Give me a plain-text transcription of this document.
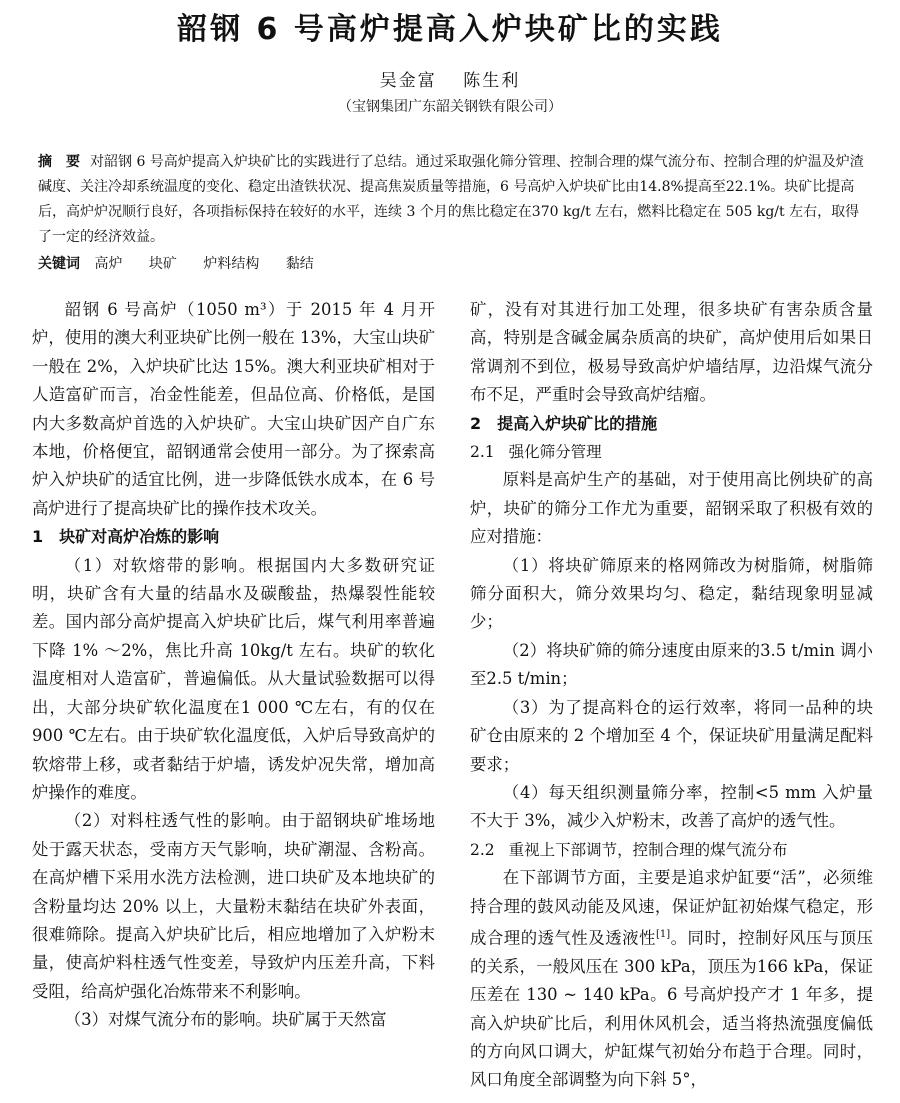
韶钢 6 号高炉提高入炉块矿比的实践
吴金富　 陈生利
（宝钢集团广东韶关钢铁有限公司）

摘　要 对韶钢 6 号高炉提高入炉块矿比的实践进行了总结。通过采取强化筛分管理、控制合理的煤气流分布、控制合理的炉温及炉渣碱度、关注冷却系统温度的变化、稳定出渣铁状况、提高焦炭质量等措施，6 号高炉入炉块矿比由14.8%提高至22.1%。块矿比提高后，高炉炉况顺行良好，各项指标保持在较好的水平，连续 3 个月的焦比稳定在370 kg/t 左右，燃料比稳定在 505 kg/t 左右，取得了一定的经济效益。

关键词 高炉 块矿 炉料结构 黏结

韶钢 6 号高炉（1050 m³）于 2015 年 4 月开炉，使用的澳大利亚块矿比例一般在 13%，大宝山块矿一般在 2%，入炉块矿比达 15%。澳大利亚块矿相对于人造富矿而言，冶金性能差，但品位高、价格低，是国内大多数高炉首选的入炉块矿。大宝山块矿因产自广东本地，价格便宜，韶钢通常会使用一部分。为了探索高炉入炉块矿的适宜比例，进一步降低铁水成本，在 6 号高炉进行了提高块矿比的操作技术攻关。

1　块矿对高炉冶炼的影响

（1）对软熔带的影响。根据国内大多数研究证明，块矿含有大量的结晶水及碳酸盐，热爆裂性能较差。国内部分高炉提高入炉块矿比后，煤气利用率普遍下降 1% ～2%，焦比升高 10kg/t 左右。块矿的软化温度相对人造富矿，普遍偏低。从大量试验数据可以得出，大部分块矿软化温度在1 000 ℃左右，有的仅在 900 ℃左右。由于块矿软化温度低，入炉后导致高炉的软熔带上移，或者黏结于炉墙，诱发炉况失常，增加高炉操作的难度。

（2）对料柱透气性的影响。由于韶钢块矿堆场地处于露天状态，受南方天气影响，块矿潮湿、含粉高。在高炉槽下采用水洗方法检测，进口块矿及本地块矿的含粉量均达 20% 以上，大量粉末黏结在块矿外表面，很难筛除。提高入炉块矿比后，相应地增加了入炉粉末量，使高炉料柱透气性变差，导致炉内压差升高，下料受阻，给高炉强化冶炼带来不利影响。

（3）对煤气流分布的影响。块矿属于天然富

矿，没有对其进行加工处理，很多块矿有害杂质含量高，特别是含碱金属杂质高的块矿，高炉使用后如果日常调剂不到位，极易导致高炉炉墙结厚，边沿煤气流分布不足，严重时会导致高炉结瘤。

2　提高入炉块矿比的措施
2.1 强化筛分管理

原料是高炉生产的基础，对于使用高比例块矿的高炉，块矿的筛分工作尤为重要，韶钢采取了积极有效的应对措施：

（1）将块矿筛原来的格网筛改为树脂筛，树脂筛筛分面积大，筛分效果均匀、稳定，黏结现象明显减少；

（2）将块矿筛的筛分速度由原来的3.5 t/min 调小至2.5 t/min；

（3）为了提高料仓的运行效率，将同一品种的块矿仓由原来的 2 个增加至 4 个，保证块矿用量满足配料要求；

（4）每天组织测量筛分率，控制<5 mm 入炉量不大于 3%，减少入炉粉末，改善了高炉的透气性。

2.2 重视上下部调节，控制合理的煤气流分布

在下部调节方面，主要是追求炉缸要“活”，必须维持合理的鼓风动能及风速，保证炉缸初始煤气稳定，形成合理的透气性及透液性[1]。同时，控制好风压与顶压的关系，一般风压在 300 kPa，顶压为166 kPa，保证压差在 130 ~ 140 kPa。6 号高炉投产才 1 年多，提高入炉块矿比后，利用休风机会，适当将热流强度偏低的方向风口调大，炉缸煤气初始分布趋于合理。同时，风口角度全部调整为向下斜 5°，
